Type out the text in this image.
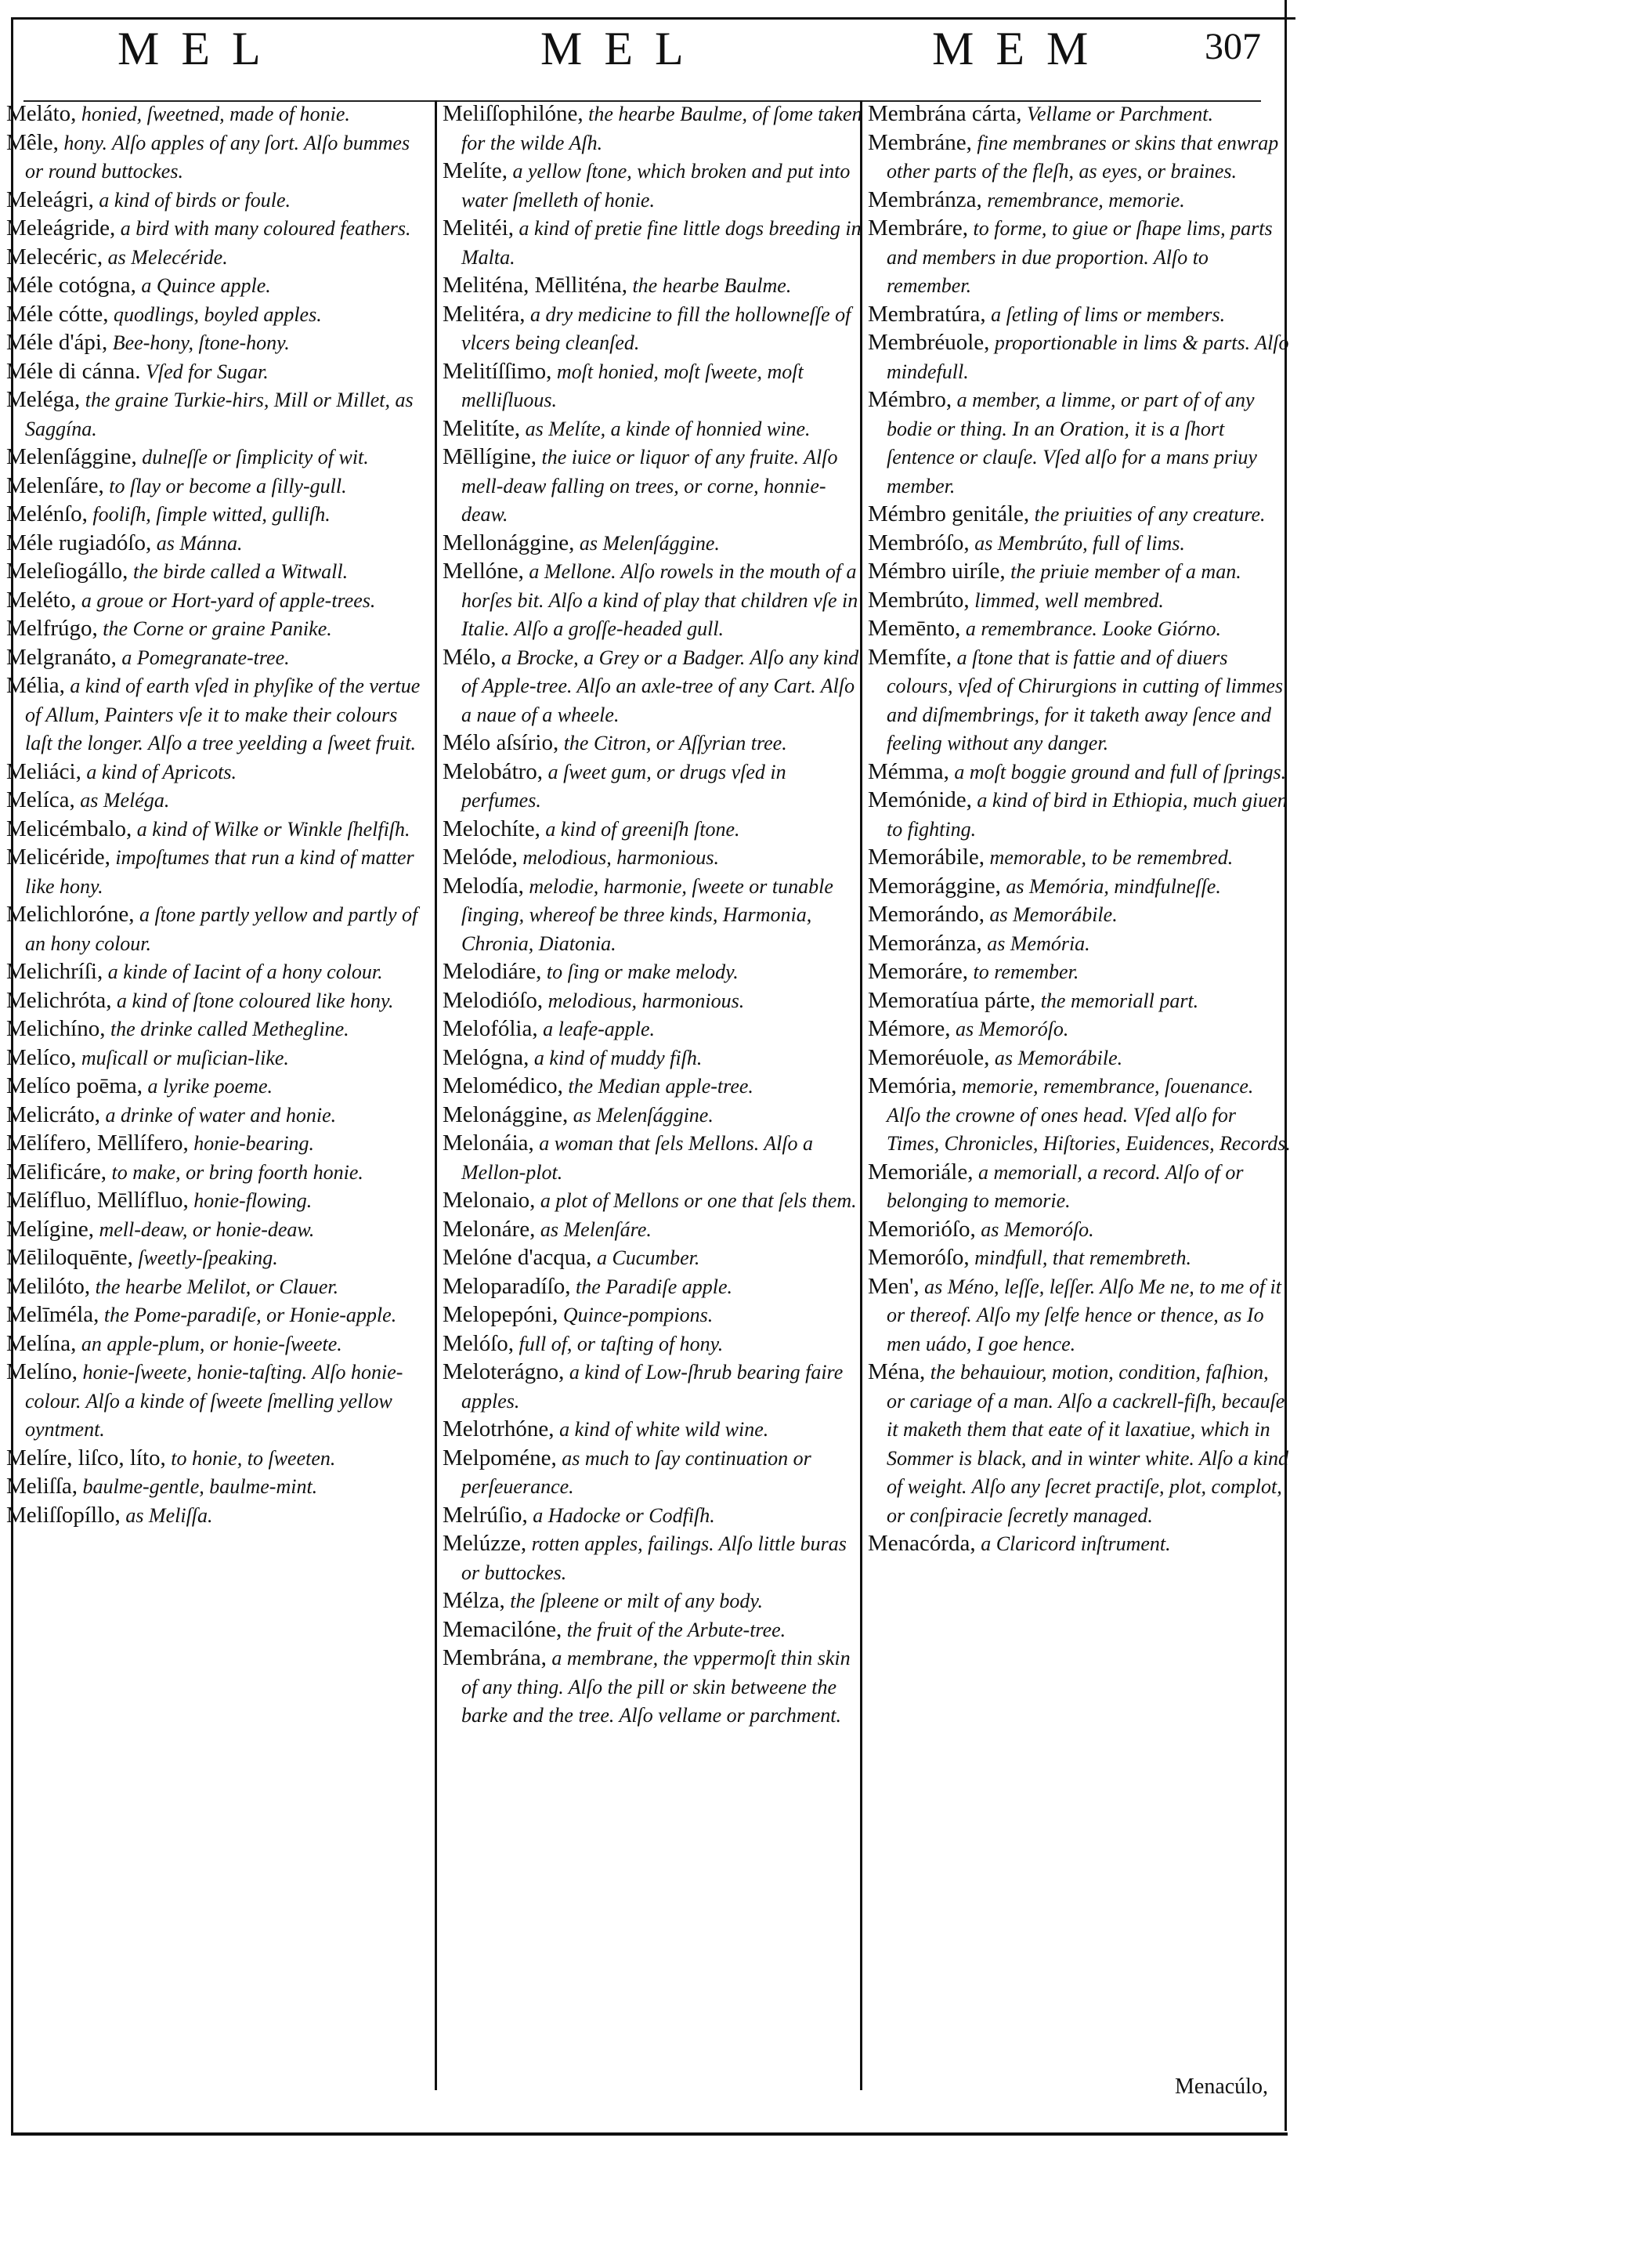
MEL	MEL	MEM	307

Meláto, honied, ſweetned, made of honie.

Mêle, hony. Alſo apples of any ſort. Alſo bummes or round buttockes.

Meleágri, a kind of birds or foule.

Meleágride, a bird with many coloured feathers.

Melecéric, as Melecéride.

Méle cotógna, a Quince apple.

Méle cótte, quodlings, boyled apples.

Méle d'ápi, Bee-hony, ſtone-hony.

Méle di cánna. Vſed for Sugar.

Meléga, the graine Turkie-hirs, Mill or Millet, as Saggína.

Melenſággine, dulneſſe or ſimplicity of wit.

Melenſáre, to ſlay or become a ſilly-gull.

Melénſo, fooliſh, ſimple witted, gulliſh.

Méle rugiadóſo, as Mánna.

Meleſiogállo, the birde called a Witwall.

Meléto, a groue or Hort-yard of apple-trees.

Melfrúgo, the Corne or graine Panike.

Melgranáto, a Pomegranate-tree.

Mélia, a kind of earth vſed in phyſike of the vertue of Allum, Painters vſe it to make their colours laſt the longer. Alſo a tree yeelding a ſweet fruit.

Meliáci, a kind of Apricots.

Melíca, as Meléga.

Melicémbalo, a kind of Wilke or Winkle ſhelfiſh.

Melicéride, impoſtumes that run a kind of matter like hony.

Melichloróne, a ſtone partly yellow and partly of an hony colour.

Melichríſi, a kinde of Iacint of a hony colour.

Melichróta, a kind of ſtone coloured like hony.

Melichíno, the drinke called Methegline.

Melíco, muſicall or muſician-like.

Melíco poēma, a lyrike poeme.

Melicráto, a drinke of water and honie.

Mēlífero, Mēllífero, honie-bearing.

Mēlificáre, to make, or bring foorth honie.

Mēlífluo, Mēllífluo, honie-flowing.

Melígine, mell-deaw, or honie-deaw.

Mēliloquēnte, ſweetly-ſpeaking.

Melilóto, the hearbe Melilot, or Clauer.

Melīméla, the Pome-paradiſe, or Honie-apple.

Melína, an apple-plum, or honie-ſweete.

Melíno, honie-ſweete, honie-taſting. Alſo honie-colour. Alſo a kinde of ſweete ſmelling yellow oyntment.

Melíre, liſco, líto, to honie, to ſweeten.

Meliſſa, baulme-gentle, baulme-mint.

Meliſſopíllo, as Meliſſa.

Meliſſophilóne, the hearbe Baulme, of ſome taken for the wilde Aſh.

Melíte, a yellow ſtone, which broken and put into water ſmelleth of honie.

Melitéi, a kind of pretie fine little dogs breeding in Malta.

Meliténa, Mēlliténa, the hearbe Baulme.

Melitéra, a dry medicine to fill the hollowneſſe of vlcers being cleanſed.

Melitíſſimo, moſt honied, moſt ſweete, moſt melliſluous.

Melitíte, as Melíte, a kinde of honnied wine.

Mēllígine, the iuice or liquor of any fruite. Alſo mell-deaw falling on trees, or corne, honnie-deaw.

Mellonággine, as Melenſággine.

Mellóne, a Mellone. Alſo rowels in the mouth of a horſes bit. Alſo a kind of play that children vſe in Italie. Alſo a groſſe-headed gull.

Mélo, a Brocke, a Grey or a Badger. Alſo any kind of Apple-tree. Alſo an axle-tree of any Cart. Alſo a naue of a wheele.

Mélo aſsírio, the Citron, or Aſſyrian tree.

Melobátro, a ſweet gum, or drugs vſed in perfumes.

Melochíte, a kind of greeniſh ſtone.

Melóde, melodious, harmonious.

Melodía, melodie, harmonie, ſweete or tunable ſinging, whereof be three kinds, Harmonia, Chronia, Diatonia.

Melodiáre, to ſing or make melody.

Melodióſo, melodious, harmonious.

Melofólia, a leafe-apple.

Melógna, a kind of muddy fiſh.

Melomédico, the Median apple-tree.

Melonággine, as Melenſággine.

Melonáia, a woman that ſels Mellons. Alſo a Mellon-plot.

Melonaio, a plot of Mellons or one that ſels them.

Melonáre, as Melenſáre.

Melóne d'acqua, a Cucumber.

Meloparadíſo, the Paradiſe apple.

Melopepóni, Quince-pompions.

Melóſo, full of, or taſting of hony.

Meloterágno, a kind of Low-ſhrub bearing faire apples.

Melotrhóne, a kind of white wild wine.

Melpoméne, as much to ſay continuation or perſeuerance.

Melrúſio, a Hadocke or Codfiſh.

Melúzze, rotten apples, failings. Alſo little buras or buttockes.

Mélza, the ſpleene or milt of any body.

Memacilóne, the fruit of the Arbute-tree.

Membrána, a membrane, the vppermoſt thin skin of any thing. Alſo the pill or skin betweene the barke and the tree. Alſo vellame or parchment.

Membrána cárta, Vellame or Parchment.

Membráne, fine membranes or skins that enwrap other parts of the fleſh, as eyes, or braines.

Membránza, remembrance, memorie.

Membráre, to forme, to giue or ſhape lims, parts and members in due proportion. Alſo to remember.

Membratúra, a ſetling of lims or members.

Membréuole, proportionable in lims & parts. Alſo mindefull.

Mémbro, a member, a limme, or part of of any bodie or thing. In an Oration, it is a ſhort ſentence or clauſe. Vſed alſo for a mans priuy member.

Mémbro genitále, the priuities of any creature.

Membróſo, as Membrúto, full of lims.

Mémbro uiríle, the priuie member of a man.

Membrúto, limmed, well membred.

Memēnto, a remembrance. Looke Giórno.

Memfíte, a ſtone that is fattie and of diuers colours, vſed of Chirurgions in cutting of limmes and diſmembrings, for it taketh away ſence and feeling without any danger.

Mémma, a moſt boggie ground and full of ſprings.

Memónide, a kind of bird in Ethiopia, much giuen to fighting.

Memorábile, memorable, to be remembred.

Memorággine, as Memória, mindfulneſſe.

Memorándo, as Memorábile.

Memoránza, as Memória.

Memoráre, to remember.

Memoratíua párte, the memoriall part.

Mémore, as Memoróſo.

Memoréuole, as Memorábile.

Memória, memorie, remembrance, ſouenance. Alſo the crowne of ones head. Vſed alſo for Times, Chronicles, Hiſtories, Euidences, Records.

Memoriále, a memoriall, a record. Alſo of or belonging to memorie.

Memorióſo, as Memoróſo.

Memoróſo, mindfull, that remembreth.

Men', as Méno, leſſe, leſſer. Alſo Me ne, to me of it or thereof. Alſo my ſelfe hence or thence, as Io men uádo, I goe hence.

Ména, the behauiour, motion, condition, faſhion, or cariage of a man. Alſo a cackrell-fiſh, becauſe it maketh them that eate of it laxatiue, which in Sommer is black, and in winter white. Alſo a kind of weight. Alſo any ſecret practiſe, plot, complot, or conſpiracie ſecretly managed.

Menacórda, a Claricord inſtrument.

Menacúlo,
